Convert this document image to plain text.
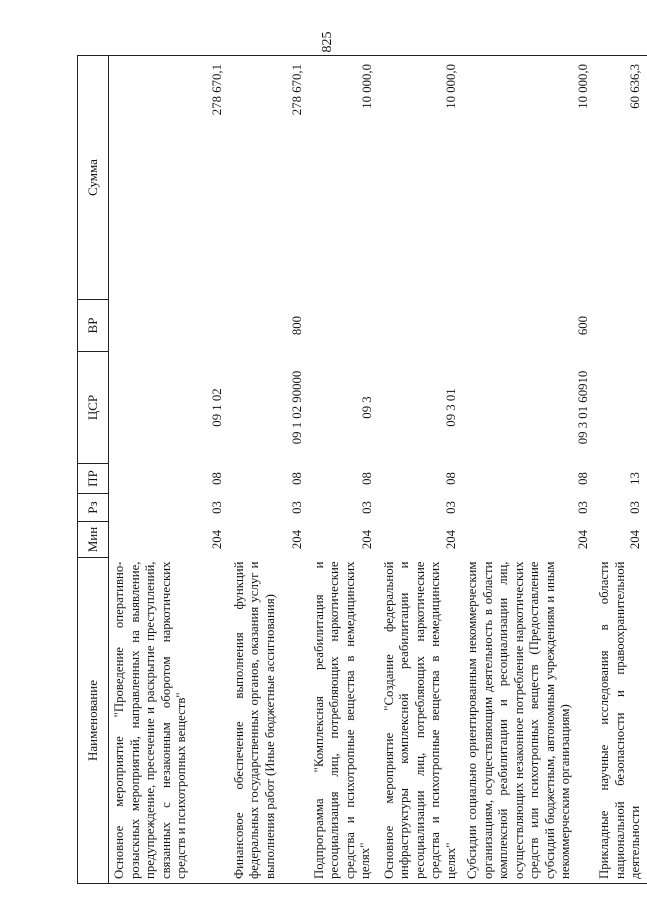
825
Наименование	Мин	Рз	ПР	ЦСР	ВР	Сумма
Основное мероприятие "Проведение оперативно-розыскных мероприятий, направленных на выявление, предупреждение, пресечение и раскрытие преступлений, связанных с незаконным оборотом наркотических средств и психотропных веществ"	204	03	08	09 1 02		278 670,1
Финансовое обеспечение выполнения функций федеральных государственных органов, оказания услуг и выполнения работ (Иные бюджетные ассигнования)	204	03	08	09 1 02 90000	800	278 670,1
Подпрограмма "Комплексная реабилитация и ресоциализация лиц, потребляющих наркотические средства и психотропные вещества в немедицинских целях"	204	03	08	09 3		10 000,0
Основное мероприятие "Создание федеральной инфраструктуры комплексной реабилитации и ресоциализации лиц, потребляющих наркотические средства и психотропные вещества в немедицинских целях"	204	03	08	09 3 01		10 000,0
Субсидии социально ориентированным некоммерческим организациям, осуществляющим деятельность в области комплексной реабилитации и ресоциализации лиц, осуществляющих незаконное потребление наркотических средств или психотропных веществ (Предоставление субсидий бюджетным, автономным учреждениям и иным некоммерческим организациям)	204	03	08	09 3 01 60910	600	10 000,0
Прикладные научные исследования в области национальной безопасности и правоохранительной деятельности	204	03	13			60 636,3
